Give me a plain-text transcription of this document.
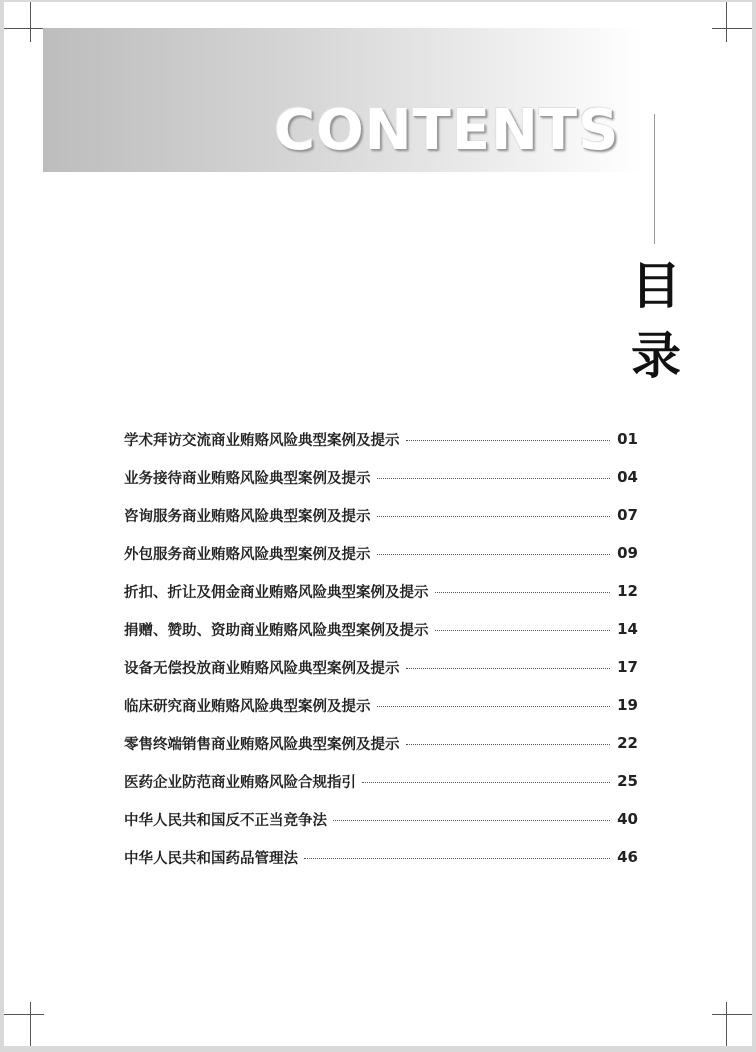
CONTENTS
目
录
学术拜访交流商业贿赂风险典型案例及提示	01
业务接待商业贿赂风险典型案例及提示	04
咨询服务商业贿赂风险典型案例及提示	07
外包服务商业贿赂风险典型案例及提示	09
折扣、折让及佣金商业贿赂风险典型案例及提示	12
捐赠、赞助、资助商业贿赂风险典型案例及提示	14
设备无偿投放商业贿赂风险典型案例及提示	17
临床研究商业贿赂风险典型案例及提示	19
零售终端销售商业贿赂风险典型案例及提示	22
医药企业防范商业贿赂风险合规指引	25
中华人民共和国反不正当竞争法	40
中华人民共和国药品管理法	46
